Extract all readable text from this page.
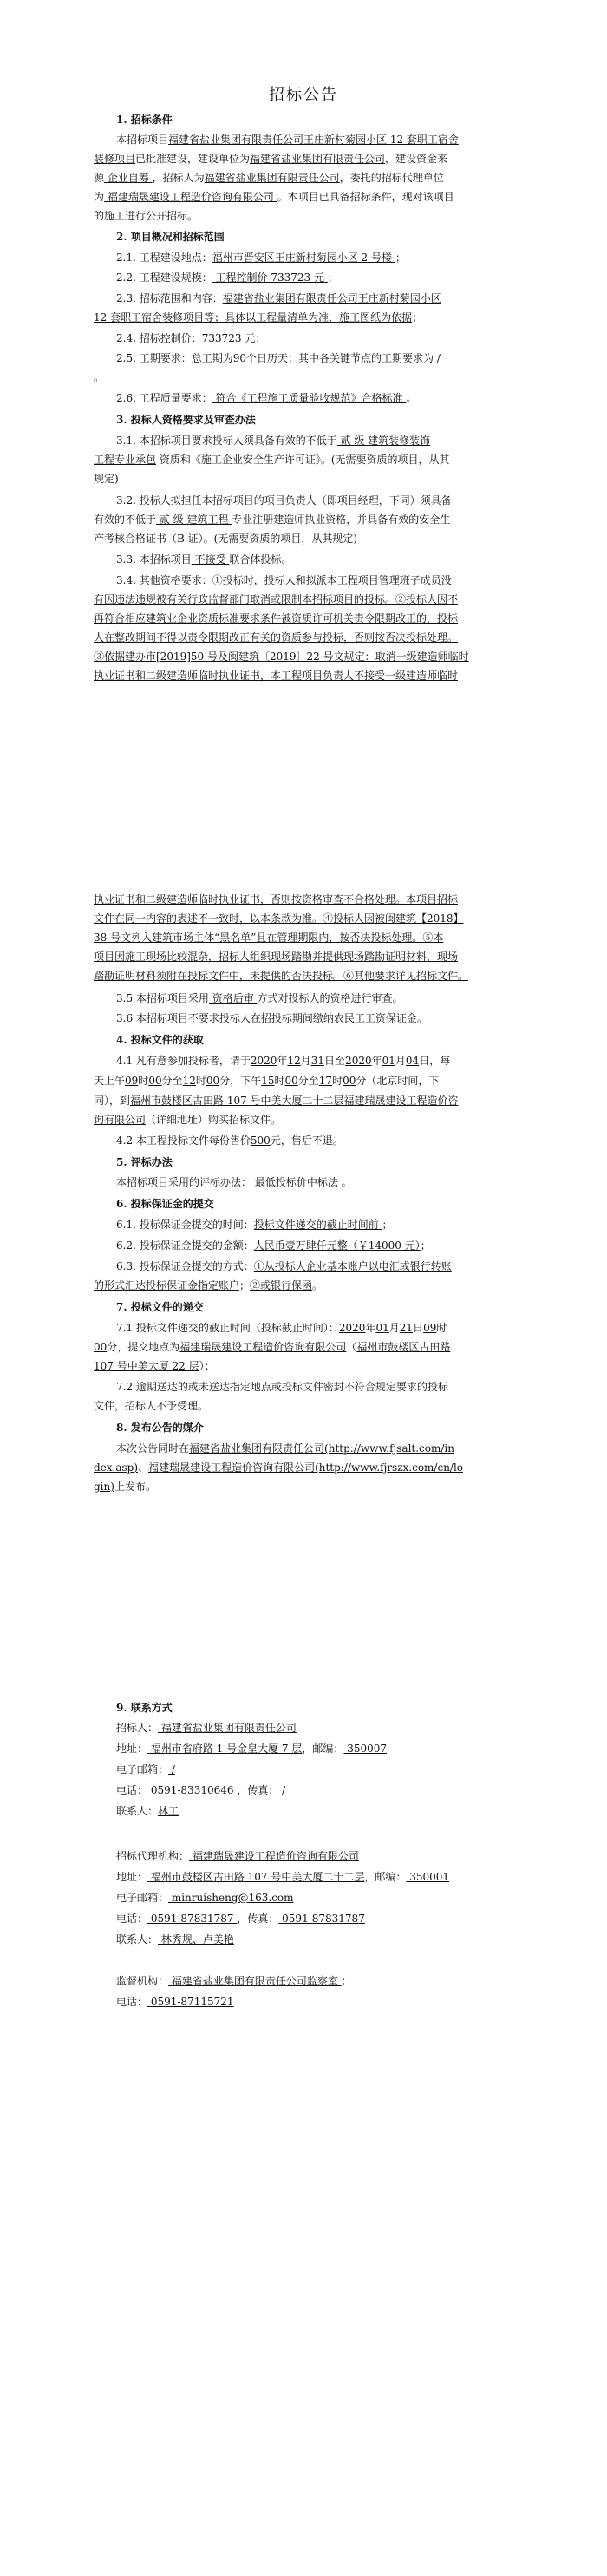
招标公告
1. 招标条件
本招标项目福建省盐业集团有限责任公司王庄新村菊园小区 12 套职工宿舍
装修项目已批准建设，建设单位为福建省盐业集团有限责任公司，建设资金来
源 企业自筹 ，招标人为福建省盐业集团有限责任公司，委托的招标代理单位
为 福建瑞晟建设工程造价咨询有限公司 。本项目已具备招标条件，现对该项目
的施工进行公开招标。
2. 项目概况和招标范围
2.1. 工程建设地点：福州市晋安区王庄新村菊园小区 2 号楼 ；
2.2. 工程建设规模： 工程控制价 733723 元 ；
2.3. 招标范围和内容：福建省盐业集团有限责任公司王庄新村菊园小区
12 套职工宿舍装修项目等；具体以工程量清单为准，施工图纸为依据；
2.4. 招标控制价：733723 元；
2.5. 工期要求：总工期为90个日历天；其中各关键节点的工期要求为 /
。
2.6. 工程质量要求： 符合《工程施工质量验收规范》合格标准 。
3. 投标人资格要求及审查办法
3.1. 本招标项目要求投标人须具备有效的不低于 贰 级 建筑装修装饰
工程专业承包 资质和《施工企业安全生产许可证》。(无需要资质的项目，从其
规定)
3.2. 投标人拟担任本招标项目的项目负责人（即项目经理，下同）须具备
有效的不低于 贰 级 建筑工程 专业注册建造师执业资格，并具备有效的安全生
产考核合格证书（B 证）。(无需要资质的项目，从其规定)
3.3. 本招标项目 不接受 联合体投标。
3.4. 其他资格要求：①投标时，投标人和拟派本工程项目管理班子成员没
有因违法违规被有关行政监督部门取消或限制本招标项目的投标。②投标人因不
再符合相应建筑业企业资质标准要求条件被资质许可机关责令限期改正的，投标
人在整改期间不得以责令限期改正有关的资质参与投标，否则按否决投标处理。
③依据建办市[2019]50 号及闽建筑〔2019〕22 号文规定：取消一级建造师临时
执业证书和二级建造师临时执业证书，本工程项目负责人不接受一级建造师临时
执业证书和二级建造师临时执业证书，否则按资格审查不合格处理。本项目招标
文件在同一内容的表述不一致时，以本条款为准。④投标人因被闽建筑【2018】
38 号文列入建筑市场主体“黑名单”且在管理期限内，按否决投标处理。⑤本
项目因施工现场比较混杂，招标人组织现场踏勘并提供现场踏勘证明材料，现场
踏勘证明材料须附在投标文件中，未提供的否决投标。⑥其他要求详见招标文件。
3.5 本招标项目采用 资格后审 方式对投标人的资格进行审查。
3.6 本招标项目不要求投标人在招投标期间缴纳农民工工资保证金。
4. 投标文件的获取
4.1 凡有意参加投标者，请于2020年12月31日至2020年01月04日，每
天上午09时00分至12时00分，下午15时00分至17时00分（北京时间，下
同），到福州市鼓楼区古田路 107 号中美大厦二十二层福建瑞晟建设工程造价咨
询有限公司（详细地址）购买招标文件。
4.2 本工程投标文件每份售价500元，售后不退。
5. 评标办法
本招标项目采用的评标办法： 最低投标价中标法 。
6. 投标保证金的提交
6.1. 投标保证金提交的时间：投标文件递交的截止时间前 ；
6.2. 投标保证金提交的金额：人民币壹万肆仟元整（￥14000 元）；
6.3. 投标保证金提交的方式：①从投标人企业基本账户以电汇或银行转账
的形式汇达投标保证金指定账户；②或银行保函。
7. 投标文件的递交
7.1 投标文件递交的截止时间（投标截止时间）：2020年01月21日09时
00分，提交地点为福建瑞晟建设工程造价咨询有限公司（福州市鼓楼区古田路
107 号中美大厦 22 层）；
7.2 逾期送达的或未送达指定地点或投标文件密封不符合规定要求的投标
文件，招标人不予受理。
8. 发布公告的媒介
本次公告同时在福建省盐业集团有限责任公司(http://www.fjsalt.com/in
dex.asp)、福建瑞晟建设工程造价咨询有限公司(http://www.fjrszx.com/cn/lo
gin)上发布。
9. 联系方式
招标人： 福建省盐业集团有限责任公司
地址： 福州市省府路 1 号金皇大厦 7 层，邮编： 350007
电子邮箱： /
电话： 0591-83310646 ，传真： /
联系人：林工
招标代理机构： 福建瑞晟建设工程造价咨询有限公司
地址： 福州市鼓楼区古田路 107 号中美大厦二十二层，邮编： 350001
电子邮箱： minruisheng@163.com
电话： 0591-87831787 ，传真： 0591-87831787
联系人： 林秀规、卢美艳
监督机构： 福建省盐业集团有限责任公司监察室 ；
电话： 0591-87115721
